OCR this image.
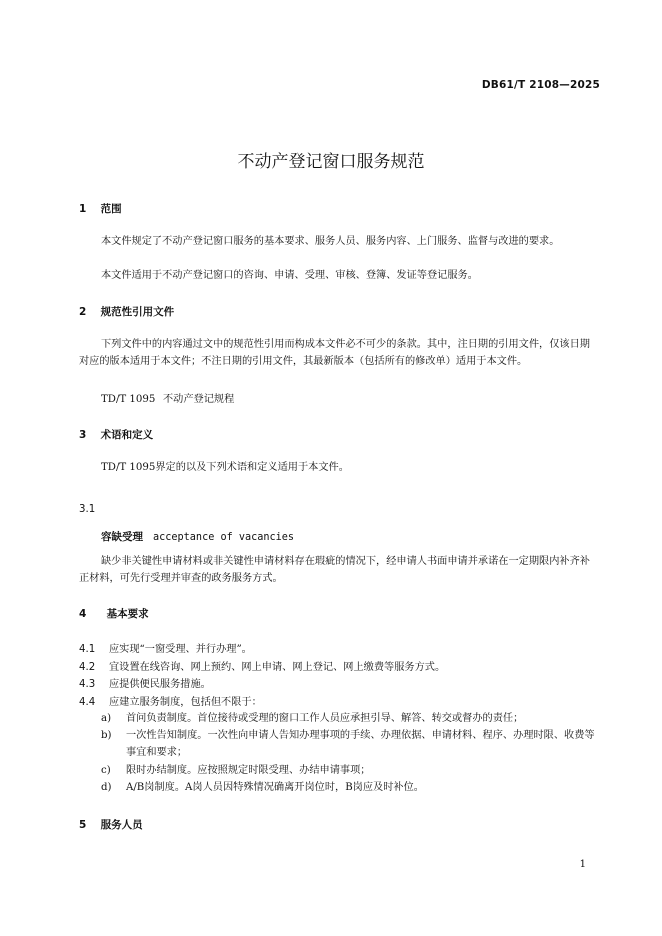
DB61/T 2108—2025
不动产登记窗口服务规范
1 范围
本文件规定了不动产登记窗口服务的基本要求、服务人员、服务内容、上门服务、监督与改进的要求。
本文件适用于不动产登记窗口的咨询、申请、受理、审核、登簿、发证等登记服务。
2 规范性引用文件
下列文件中的内容通过文中的规范性引用而构成本文件必不可少的条款。其中，注日期的引用文件，仅该日期对应的版本适用于本文件；不注日期的引用文件，其最新版本（包括所有的修改单）适用于本文件。
TD/T 1095 不动产登记规程
3 术语和定义
TD/T 1095界定的以及下列术语和定义适用于本文件。
3.1
容缺受理 acceptance of vacancies
缺少非关键性申请材料或非关键性申请材料存在瑕疵的情况下，经申请人书面申请并承诺在一定期限内补齐补正材料，可先行受理并审查的政务服务方式。
4 基本要求
4.1 应实现“一窗受理、并行办理”。
4.2 宜设置在线咨询、网上预约、网上申请、网上登记、网上缴费等服务方式。
4.3 应提供便民服务措施。
4.4 应建立服务制度，包括但不限于：
a) 首问负责制度。首位接待或受理的窗口工作人员应承担引导、解答、转交或督办的责任；
b) 一次性告知制度。一次性向申请人告知办理事项的手续、办理依据、申请材料、程序、办理时限、收费等事宜和要求；
c) 限时办结制度。应按照规定时限受理、办结申请事项；
d) A/B岗制度。A岗人员因特殊情况确离开岗位时，B岗应及时补位。
5 服务人员
1
